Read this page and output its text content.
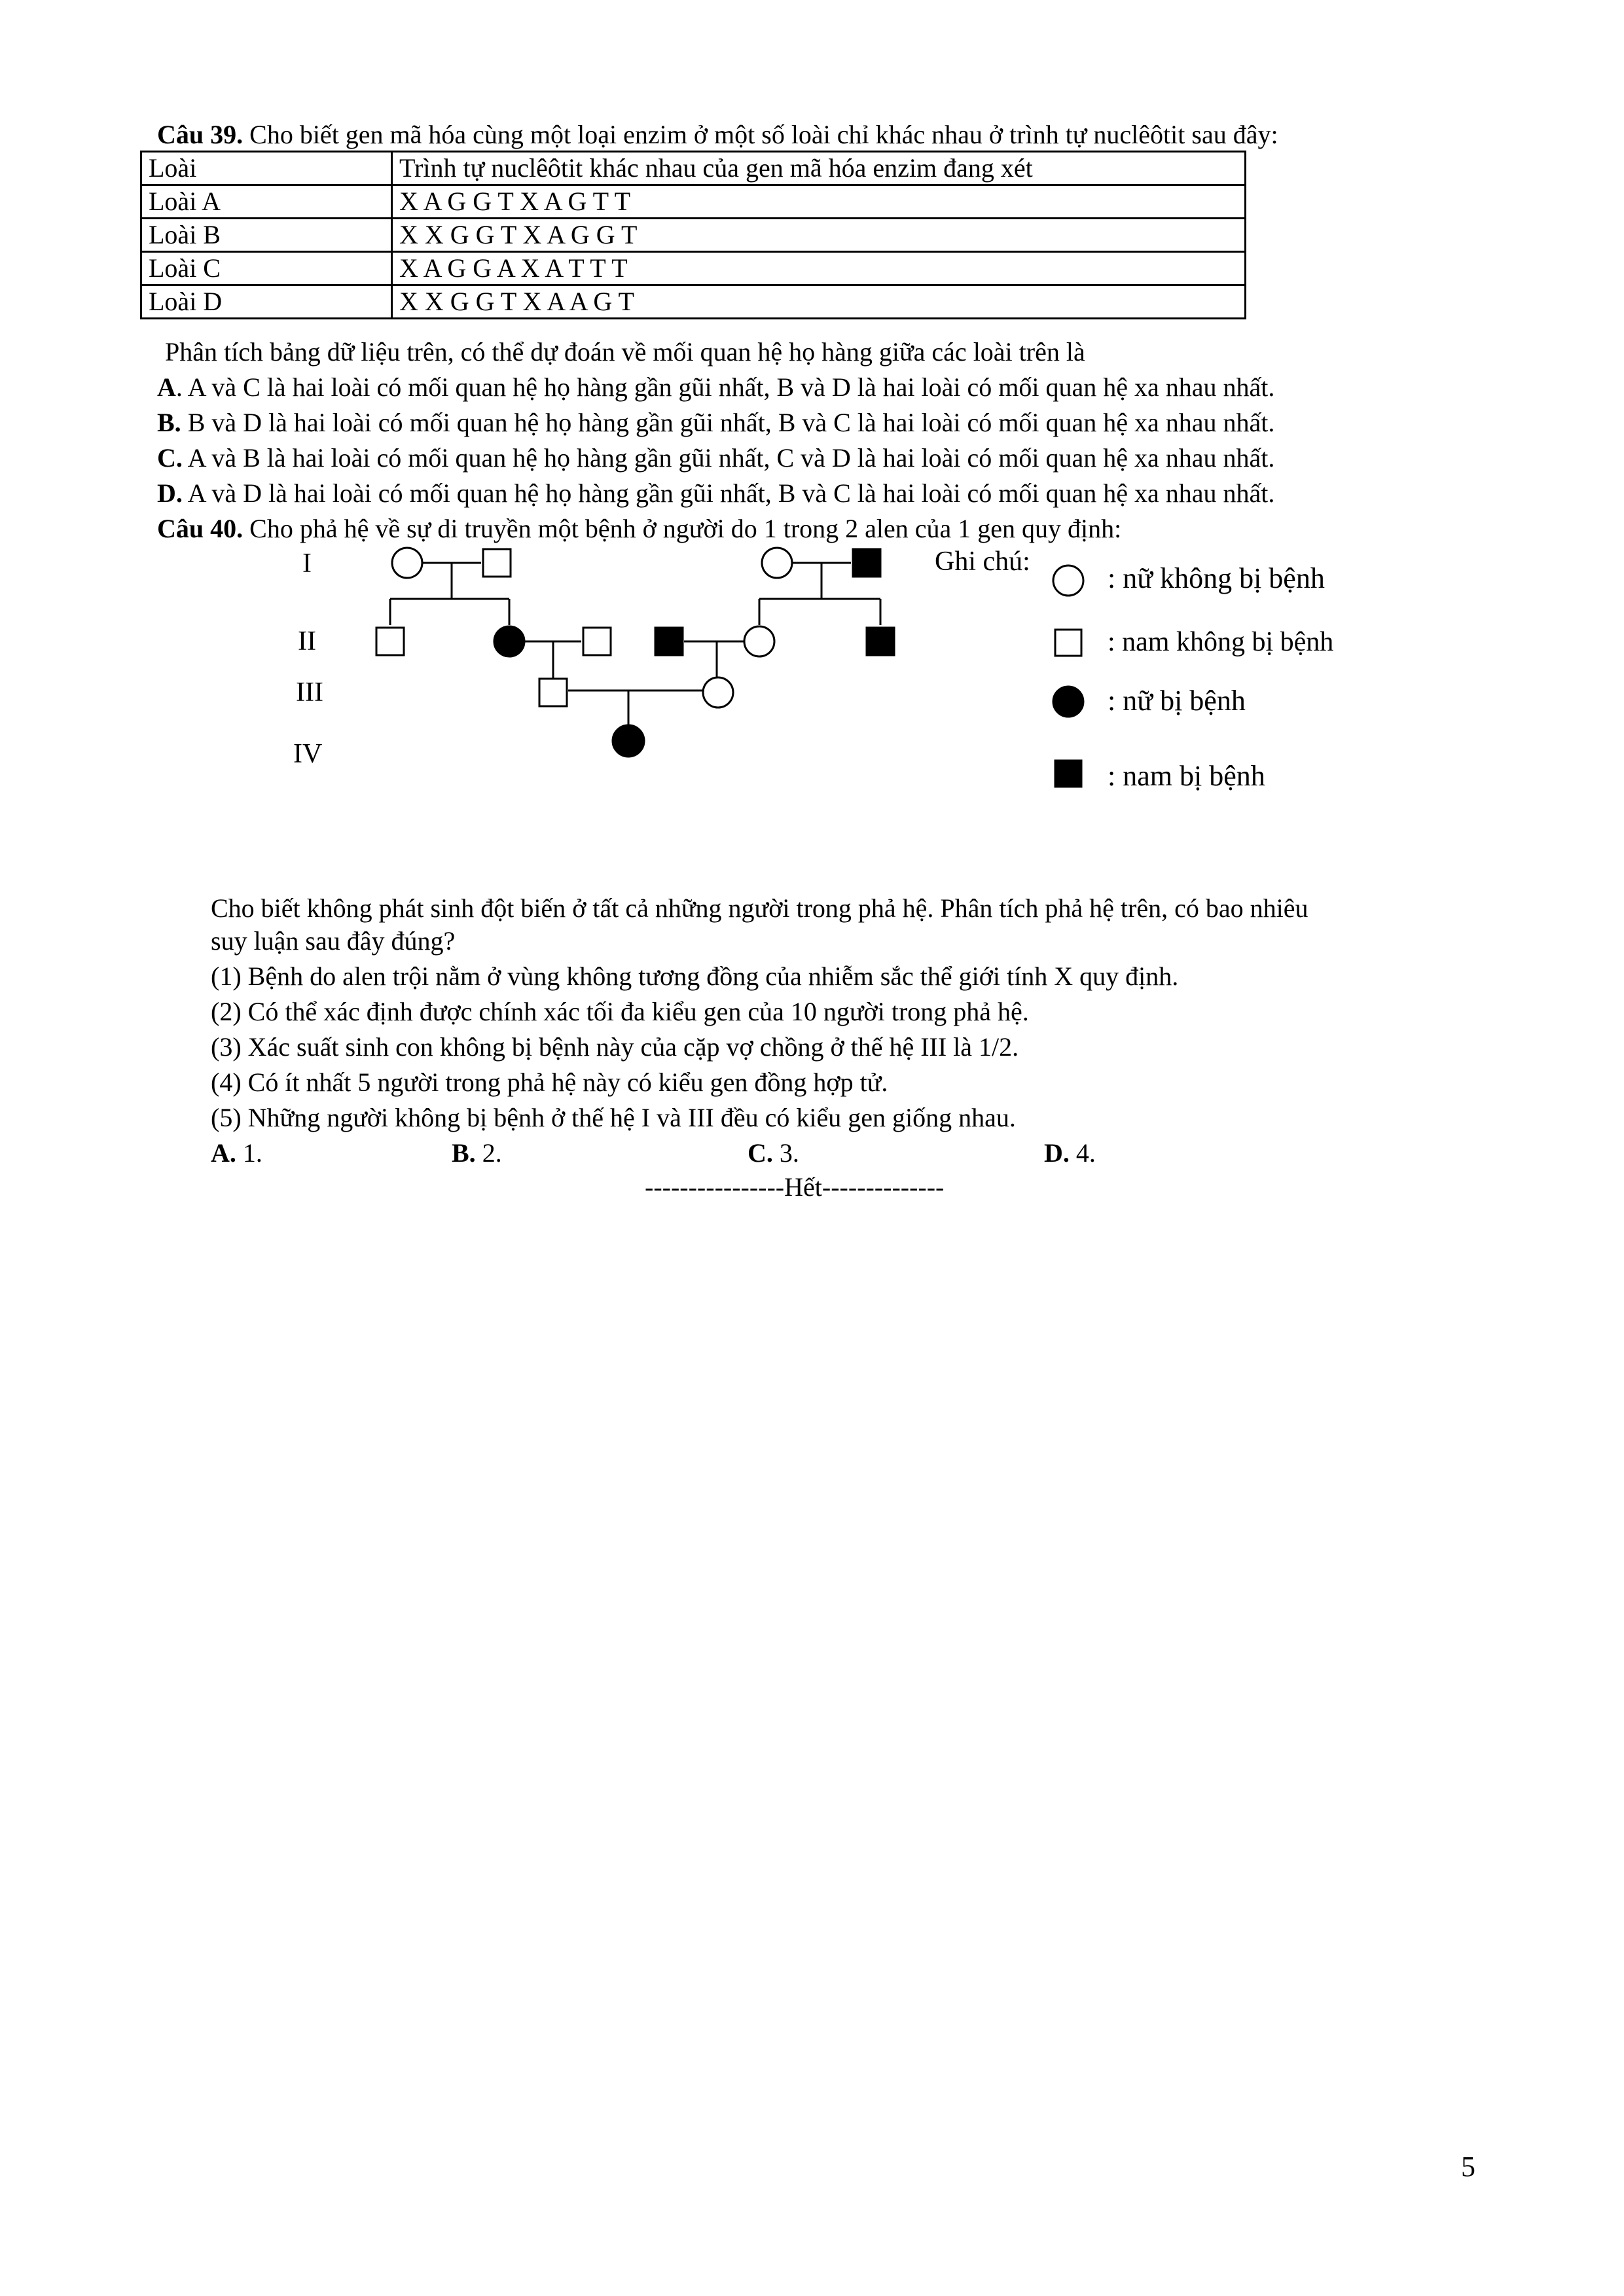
Câu 39. Cho biết gen mã hóa cùng một loại enzim ở một số loài chỉ khác nhau ở trình tự nuclêôtit sau đây:
Loài	Trình tự nuclêôtit khác nhau của gen mã hóa enzim đang xét
Loài A	X A G G T X A G T T
Loài B	X X G G T X A G G T
Loài C	X A G G A X A T T T
Loài D	X X G G T X A A G T
Phân tích bảng dữ liệu trên, có thể dự đoán về mối quan hệ họ hàng giữa các loài trên là
A. A và C là hai loài có mối quan hệ họ hàng gần gũi nhất, B và D là hai loài có mối quan hệ xa nhau nhất.
B. B và D là hai loài có mối quan hệ họ hàng gần gũi nhất, B và C là hai loài có mối quan hệ xa nhau nhất.
C. A và B là hai loài có mối quan hệ họ hàng gần gũi nhất, C và D là hai loài có mối quan hệ xa nhau nhất.
D. A và D là hai loài có mối quan hệ họ hàng gần gũi nhất, B và C là hai loài có mối quan hệ xa nhau nhất.
Câu 40. Cho phả hệ về sự di truyền một bệnh ở người do 1 trong 2 alen của 1 gen quy định:
I
II
III
IV
Ghi chú:
: nữ không bị bệnh
: nam không bị bệnh
: nữ bị bệnh
: nam bị bệnh
Cho biết không phát sinh đột biến ở tất cả những người trong phả hệ. Phân tích phả hệ trên, có bao nhiêu
suy luận sau đây đúng?
(1) Bệnh do alen trội nằm ở vùng không tương đồng của nhiễm sắc thể giới tính X quy định.
(2) Có thể xác định được chính xác tối đa kiểu gen của 10 người trong phả hệ.
(3) Xác suất sinh con không bị bệnh này của cặp vợ chồng ở thế hệ III là 1/2.
(4) Có ít nhất 5 người trong phả hệ này có kiểu gen đồng hợp tử.
(5) Những người không bị bệnh ở thế hệ I và III đều có kiểu gen giống nhau.
A. 1.	B. 2.	C. 3.	D. 4.
----------------Hết--------------
5
